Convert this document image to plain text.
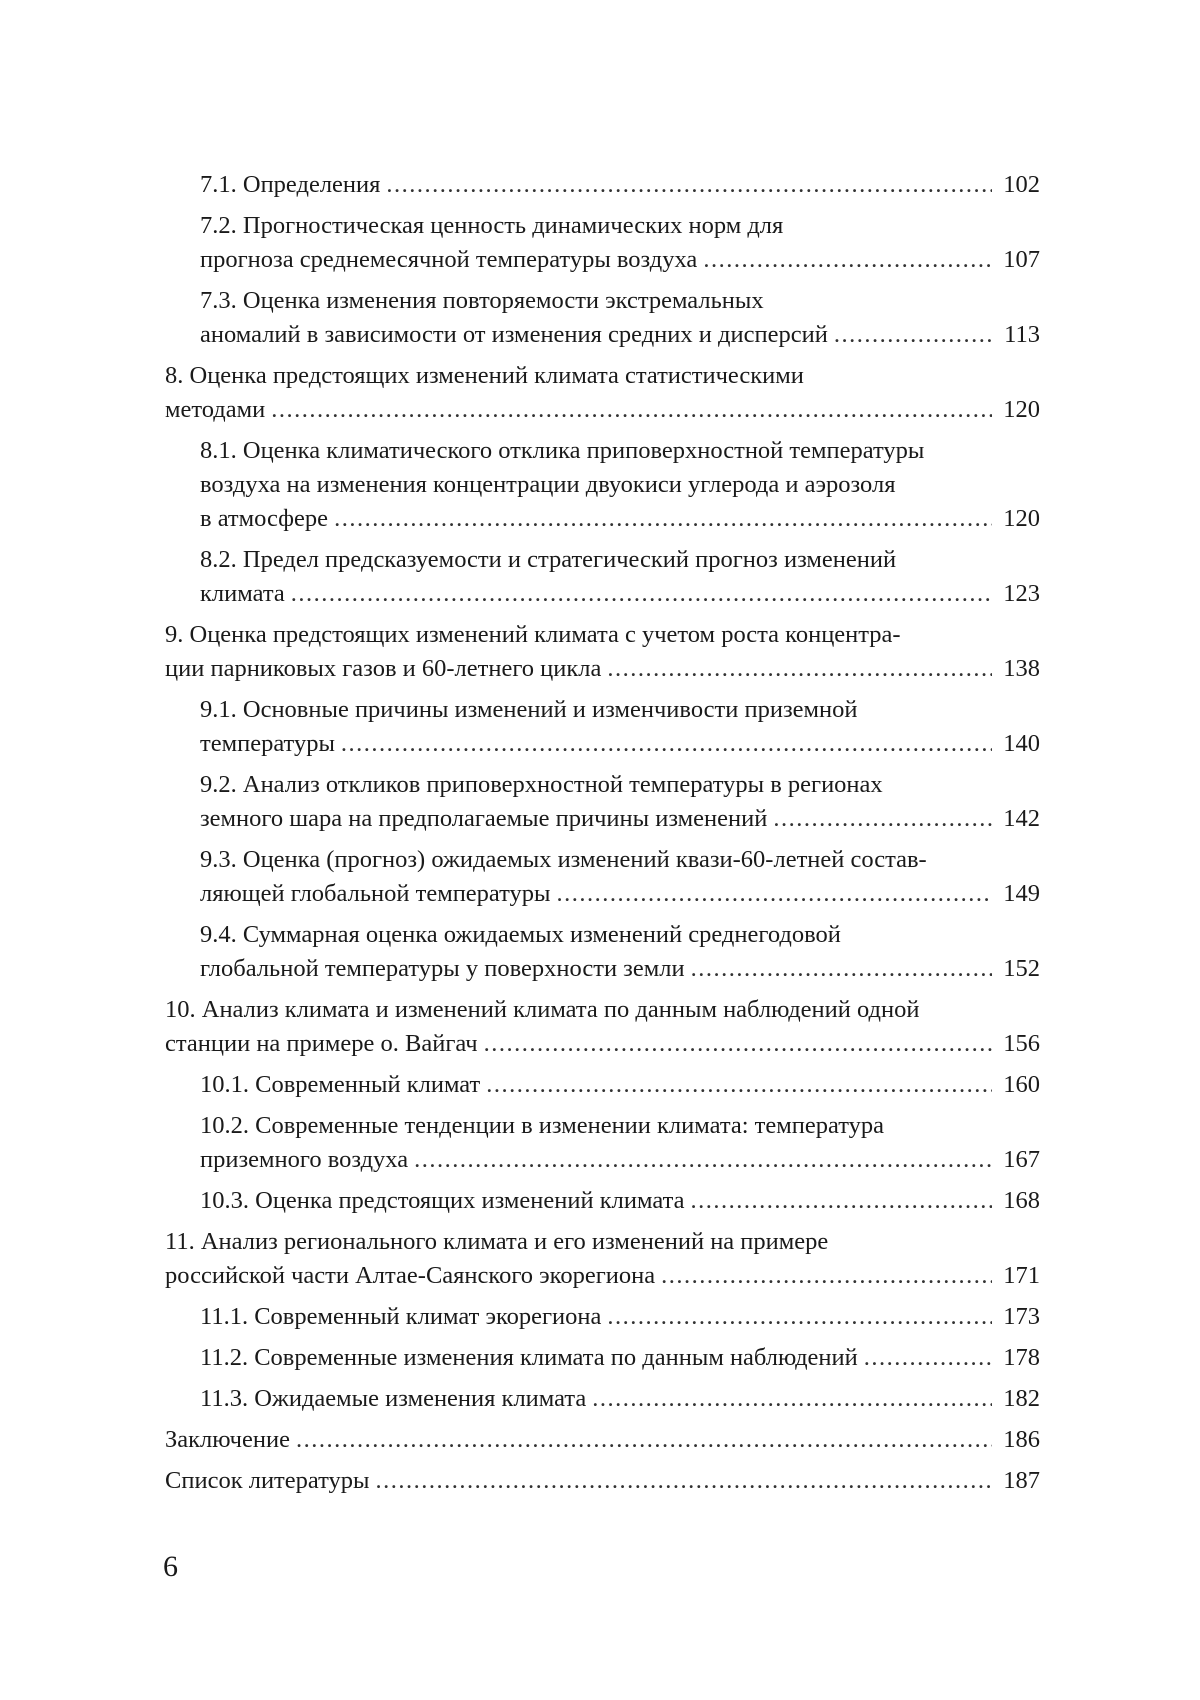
7.1. Определения .....	102
7.2. Прогностическая ценность динамических норм для
прогноза среднемесячной температуры воздуха .....	107
7.3. Оценка изменения повторяемости экстремальных
аномалий в зависимости от изменения средних и дисперсий .....	113
8. Оценка предстоящих изменений климата статистическими
методами .....	120
8.1. Оценка климатического отклика приповерхностной температуры
воздуха на изменения концентрации двуокиси углерода и аэрозоля
в атмосфере .....	120
8.2. Предел предсказуемости и стратегический прогноз изменений
климата .....	123
9. Оценка предстоящих изменений климата с учетом роста концентра-
ции парниковых газов и 60-летнего цикла .....	138
9.1. Основные причины изменений и изменчивости приземной
температуры .....	140
9.2. Анализ откликов приповерхностной температуры в регионах
земного шара на предполагаемые причины изменений .....	142
9.3. Оценка (прогноз) ожидаемых изменений квази-60-летней состав-
ляющей глобальной температуры .....	149
9.4. Суммарная оценка ожидаемых изменений среднегодовой
глобальной температуры у поверхности земли .....	152
10. Анализ климата и изменений климата по данным наблюдений одной
станции на примере о. Вайгач .....	156
10.1. Современный климат .....	160
10.2. Современные тенденции в изменении климата: температура
приземного воздуха .....	167
10.3. Оценка предстоящих изменений климата .....	168
11. Анализ регионального климата и его изменений на примере
российской части Алтае-Саянского экорегиона .....	171
11.1. Современный климат экорегиона .....	173
11.2. Современные изменения климата по данным наблюдений .....	178
11.3. Ожидаемые изменения климата .....	182
Заключение .....	186
Список литературы .....	187
6
